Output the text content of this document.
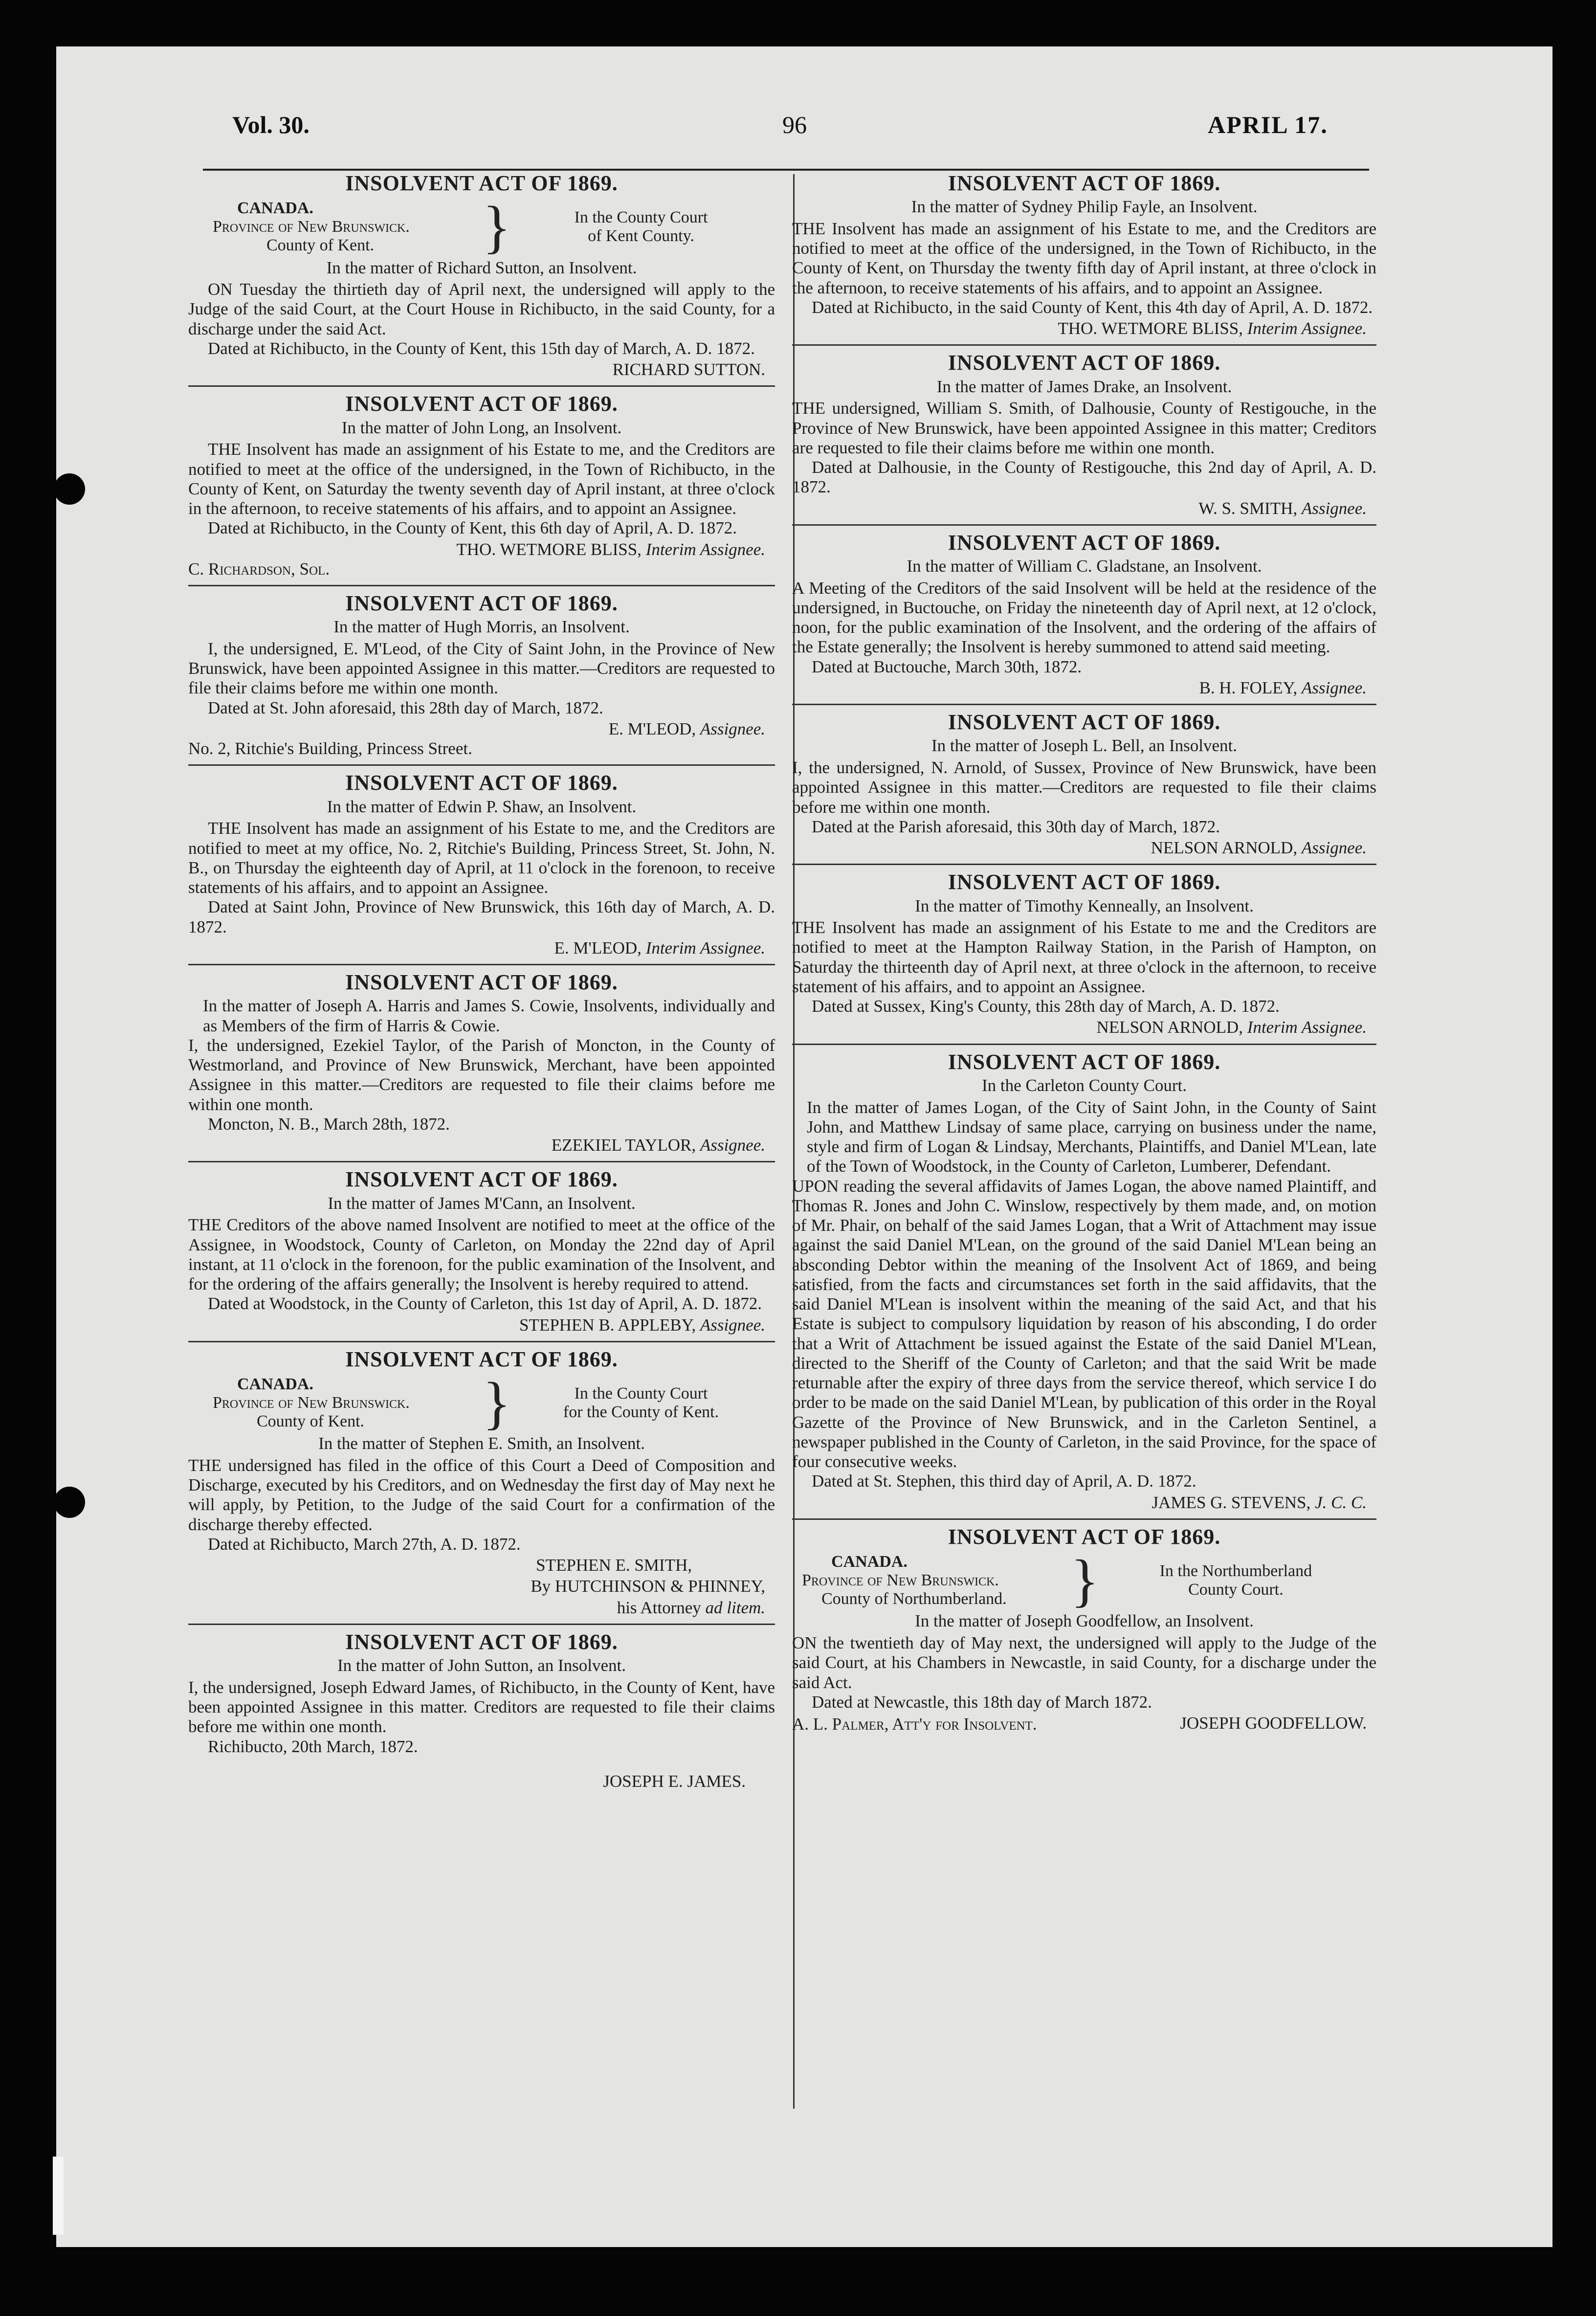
Vol. 30.	96	APRIL 17.

INSOLVENT ACT OF 1869.

CANADA.
Province of New Brunswick.
County of Kent.	}	In the County Court
of Kent County.

In the matter of Richard Sutton, an Insolvent.

ON Tuesday the thirtieth day of April next, the undersigned will apply to the Judge of the said Court, at the Court House in Richibucto, in the said County, for a discharge under the said Act.

Dated at Richibucto, in the County of Kent, this 15th day of March, A. D. 1872.

RICHARD SUTTON.

INSOLVENT ACT OF 1869.

In the matter of John Long, an Insolvent.

THE Insolvent has made an assignment of his Estate to me, and the Creditors are notified to meet at the office of the undersigned, in the Town of Richibucto, in the County of Kent, on Saturday the twenty seventh day of April instant, at three o'clock in the afternoon, to receive statements of his affairs, and to appoint an Assignee.

Dated at Richibucto, in the County of Kent, this 6th day of April, A. D. 1872.

THO. WETMORE BLISS, Interim Assignee.

C. Richardson, Sol.

INSOLVENT ACT OF 1869.

In the matter of Hugh Morris, an Insolvent.

I, the undersigned, E. M'Leod, of the City of Saint John, in the Province of New Brunswick, have been appointed Assignee in this matter.—Creditors are requested to file their claims before me within one month.

Dated at St. John aforesaid, this 28th day of March, 1872.

E. M'LEOD, Assignee.

No. 2, Ritchie's Building, Princess Street.

INSOLVENT ACT OF 1869.

In the matter of Edwin P. Shaw, an Insolvent.

THE Insolvent has made an assignment of his Estate to me, and the Creditors are notified to meet at my office, No. 2, Ritchie's Building, Princess Street, St. John, N. B., on Thursday the eighteenth day of April, at 11 o'clock in the forenoon, to receive statements of his affairs, and to appoint an Assignee.

Dated at Saint John, Province of New Brunswick, this 16th day of March, A. D. 1872.

E. M'LEOD, Interim Assignee.

INSOLVENT ACT OF 1869.

In the matter of Joseph A. Harris and James S. Cowie, Insolvents, individually and as Members of the firm of Harris & Cowie.

I, the undersigned, Ezekiel Taylor, of the Parish of Moncton, in the County of Westmorland, and Province of New Brunswick, Merchant, have been appointed Assignee in this matter.—Creditors are requested to file their claims before me within one month.

Moncton, N. B., March 28th, 1872.

EZEKIEL TAYLOR, Assignee.

INSOLVENT ACT OF 1869.

In the matter of James M'Cann, an Insolvent.

THE Creditors of the above named Insolvent are notified to meet at the office of the Assignee, in Woodstock, County of Carleton, on Monday the 22nd day of April instant, at 11 o'clock in the forenoon, for the public examination of the Insolvent, and for the ordering of the affairs generally; the Insolvent is hereby required to attend.

Dated at Woodstock, in the County of Carleton, this 1st day of April, A. D. 1872.

STEPHEN B. APPLEBY, Assignee.

INSOLVENT ACT OF 1869.

CANADA.
Province of New Brunswick.
County of Kent.	}	In the County Court
for the County of Kent.

In the matter of Stephen E. Smith, an Insolvent.

THE undersigned has filed in the office of this Court a Deed of Composition and Discharge, executed by his Creditors, and on Wednesday the first day of May next he will apply, by Petition, to the Judge of the said Court for a confirmation of the discharge thereby effected.

Dated at Richibucto, March 27th, A. D. 1872.

STEPHEN E. SMITH,

By HUTCHINSON & PHINNEY,

his Attorney ad litem.

INSOLVENT ACT OF 1869.

In the matter of John Sutton, an Insolvent.

I, the undersigned, Joseph Edward James, of Richibucto, in the County of Kent, have been appointed Assignee in this matter. Creditors are requested to file their claims before me within one month.

Richibucto, 20th March, 1872.

JOSEPH E. JAMES.

INSOLVENT ACT OF 1869.

In the matter of Sydney Philip Fayle, an Insolvent.

THE Insolvent has made an assignment of his Estate to me, and the Creditors are notified to meet at the office of the undersigned, in the Town of Richibucto, in the County of Kent, on Thursday the twenty fifth day of April instant, at three o'clock in the afternoon, to receive statements of his affairs, and to appoint an Assignee.

Dated at Richibucto, in the said County of Kent, this 4th day of April, A. D. 1872.

THO. WETMORE BLISS, Interim Assignee.

INSOLVENT ACT OF 1869.

In the matter of James Drake, an Insolvent.

THE undersigned, William S. Smith, of Dalhousie, County of Restigouche, in the Province of New Brunswick, have been appointed Assignee in this matter; Creditors are requested to file their claims before me within one month.

Dated at Dalhousie, in the County of Restigouche, this 2nd day of April, A. D. 1872.

W. S. SMITH, Assignee.

INSOLVENT ACT OF 1869.

In the matter of William C. Gladstane, an Insolvent.

A Meeting of the Creditors of the said Insolvent will be held at the residence of the undersigned, in Buctouche, on Friday the nineteenth day of April next, at 12 o'clock, noon, for the public examination of the Insolvent, and the ordering of the affairs of the Estate generally; the Insolvent is hereby summoned to attend said meeting.

Dated at Buctouche, March 30th, 1872.

B. H. FOLEY, Assignee.

INSOLVENT ACT OF 1869.

In the matter of Joseph L. Bell, an Insolvent.

I, the undersigned, N. Arnold, of Sussex, Province of New Brunswick, have been appointed Assignee in this matter.—Creditors are requested to file their claims before me within one month.

Dated at the Parish aforesaid, this 30th day of March, 1872.

NELSON ARNOLD, Assignee.

INSOLVENT ACT OF 1869.

In the matter of Timothy Kenneally, an Insolvent.

THE Insolvent has made an assignment of his Estate to me and the Creditors are notified to meet at the Hampton Railway Station, in the Parish of Hampton, on Saturday the thirteenth day of April next, at three o'clock in the afternoon, to receive statement of his affairs, and to appoint an Assignee.

Dated at Sussex, King's County, this 28th day of March, A. D. 1872.

NELSON ARNOLD, Interim Assignee.

INSOLVENT ACT OF 1869.

In the Carleton County Court.

In the matter of James Logan, of the City of Saint John, in the County of Saint John, and Matthew Lindsay of same place, carrying on business under the name, style and firm of Logan & Lindsay, Merchants, Plaintiffs, and Daniel M'Lean, late of the Town of Woodstock, in the County of Carleton, Lumberer, Defendant.

UPON reading the several affidavits of James Logan, the above named Plaintiff, and Thomas R. Jones and John C. Winslow, respectively by them made, and, on motion of Mr. Phair, on behalf of the said James Logan, that a Writ of Attachment may issue against the said Daniel M'Lean, on the ground of the said Daniel M'Lean being an absconding Debtor within the meaning of the Insolvent Act of 1869, and being satisfied, from the facts and circumstances set forth in the said affidavits, that the said Daniel M'Lean is insolvent within the meaning of the said Act, and that his Estate is subject to compulsory liquidation by reason of his absconding, I do order that a Writ of Attachment be issued against the Estate of the said Daniel M'Lean, directed to the Sheriff of the County of Carleton; and that the said Writ be made returnable after the expiry of three days from the service thereof, which service I do order to be made on the said Daniel M'Lean, by publication of this order in the Royal Gazette of the Province of New Brunswick, and in the Carleton Sentinel, a newspaper published in the County of Carleton, in the said Province, for the space of four consecutive weeks.

Dated at St. Stephen, this third day of April, A. D. 1872.

JAMES G. STEVENS, J. C. C.

INSOLVENT ACT OF 1869.

CANADA.
Province of New Brunswick.
County of Northumberland.	}	In the Northumberland
County Court.

In the matter of Joseph Goodfellow, an Insolvent.

ON the twentieth day of May next, the undersigned will apply to the Judge of the said Court, at his Chambers in Newcastle, in said County, for a discharge under the said Act.

Dated at Newcastle, this 18th day of March 1872.

JOSEPH GOODFELLOW.

A. L. Palmer, Att'y for Insolvent.
